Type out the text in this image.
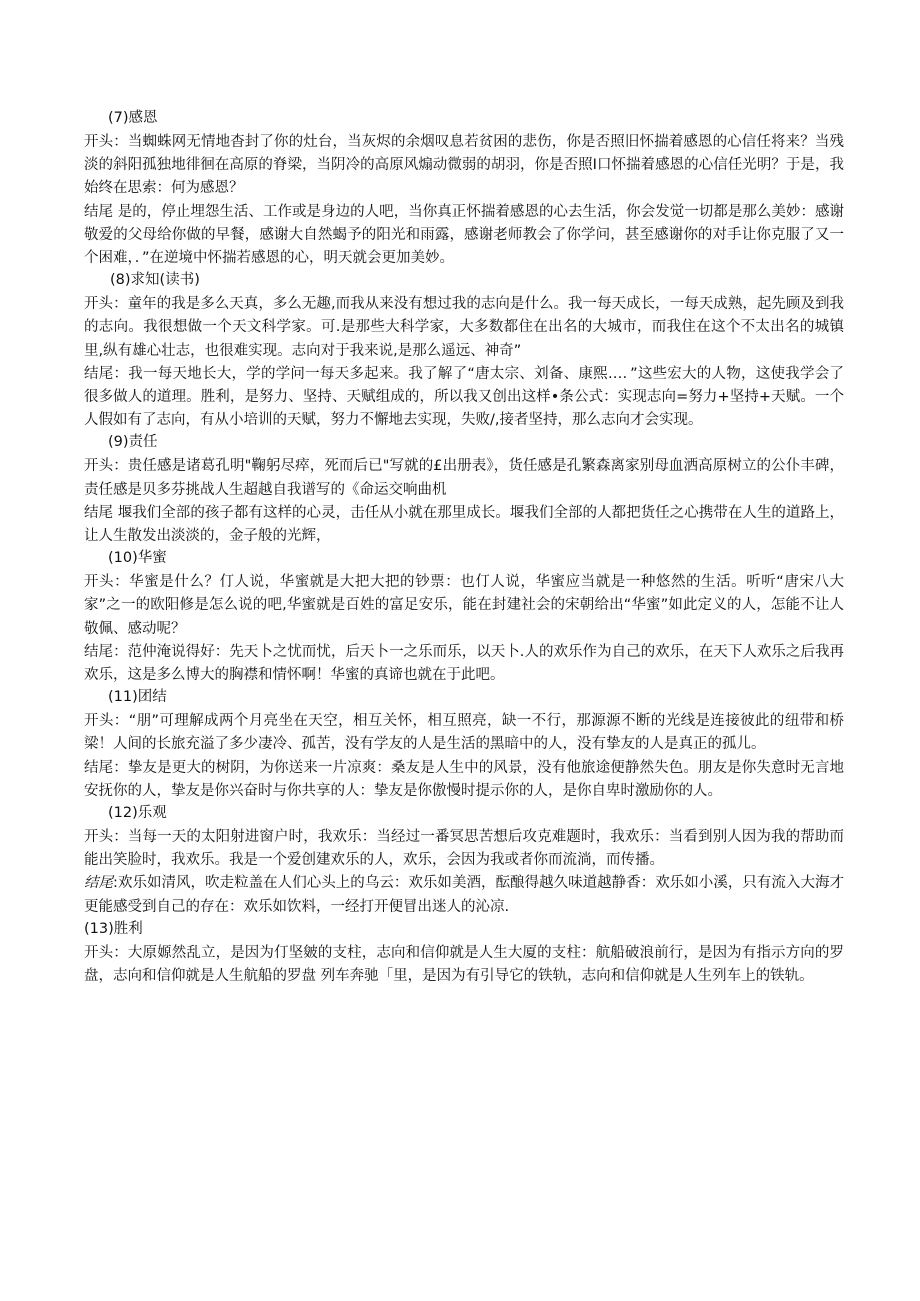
(7)感恩

开头：当蜘蛛网无情地杳封了你的灶台，当灰烬的余烟叹息若贫困的悲伤，你是否照旧怀揣着感恩的心信任将来？当残淡的斜阳孤独地徘徊在高原的脊梁，当阴冷的高原风煽动微弱的胡羽，你是否照I口怀揣着感恩的心信任光明？于是，我始终在思索：何为感恩？

结尾 是的，停止埋怨生活、工作或是身边的人吧，当你真正怀揣着感恩的心去生活，你会发觉一切都是那么美妙：感谢敬爱的父母给你做的早餐，感谢大自然蝎予的阳光和雨露，感谢老师教会了你学问，甚至感谢你的对手让你克服了又一个困难，．”在逆境中怀揣若感恩的心，明天就会更加美妙。

(8)求知(读书)

开头：童年的我是多么天真，多么无趣,而我从来没有想过我的志向是什么。我一每天成长，一每天成熟，起先顾及到我的志向。我很想做一个天文科学家。可.是那些大科学家，大多数都住在出名的大城市，而我住在这个不太出名的城镇里,纵有雄心壮志，也很难实现。志向对于我来说,是那么遥远、神奇”

结尾：我一每天地长大，学的学问一每天多起来。我了解了“唐太宗、刘备、康熙…．”这些宏大的人物，这使我学会了很多做人的道理。胜利，是努力、坚持、天赋组成的，所以我又创出这样•条公式：实现志向=努力+坚持+天赋。一个人假如有了志向，有从小培训的天赋，努力不懈地去实现，失败/,接者坚持，那么志向才会实现。

(9)责任

开头：贵任感是诸葛孔明"鞠躬尽瘁，死而后已"写就的£出册表》，货任感是孔繁森离家别母血洒高原树立的公仆丰碑，责任感是贝多芬挑战人生超越自我谱写的《命运交响曲机

结尾 堰我们全部的孩子都有这样的心灵，击任从小就在那里成长。堰我们全部的人都把货任之心携带在人生的道路上，让人生散发出淡淡的，金子般的光辉，

(10)华蜜

开头：华蜜是什么？仃人说，华蜜就是大把大把的钞票：也仃人说，华蜜应当就是一种悠然的生活。听听“唐宋八大家”之一的欧阳修是怎么说的吧,华蜜就是百姓的富足安乐，能在封建社会的宋朝给出“华蜜”如此定义的人，怎能不让人敬佩、感动呢？

结尾：范仲淹说得好：先天卜之忧而忧，后天卜一之乐而乐，以天卜.人的欢乐作为自己的欢乐，在天下人欢乐之后我再欢乐，这是多么博大的胸襟和情怀啊！华蜜的真谛也就在于此吧。

(11)团结

开头：“朋”可理解成两个月亮坐在天空，相互关怀，相互照亮，缺一不行，那源源不断的光线是连接彼此的纽带和桥梁！人间的长旅充溢了多少凄冷、孤苦，没有学友的人是生活的黑暗中的人，没有挚友的人是真正的孤儿。

结尾：挚友是更大的树阴，为你送来一片凉爽：桑友是人生中的风景，没有他旅途便静然失色。朋友是你失意时无言地安抚你的人，挚友是你兴奋时与你共享的人：挚友是你傲慢时提示你的人，是你自卑时激励你的人。

(12)乐观

开头：当每一天的太阳射进窗户时，我欢乐：当经过一番冥思苦想后攻克难题时，我欢乐：当看到别人因为我的帮助而能出笑脸时，我欢乐。我是一个爱创建欢乐的人，欢乐，会因为我或者你而流淌，而传播。

结尾:欢乐如清风，吹走粒盖在人们心头上的乌云：欢乐如美酒，酝酿得越久味道越静香：欢乐如小溪，只有流入大海才更能感受到自己的存在：欢乐如饮料，一经打开便冒出迷人的沁凉.

(13)胜利

开头：大原嫄然乱立，是因为仃坚皴的支柱，志向和信仰就是人生大厦的支柱：航船破浪前行，是因为有指示方向的罗盘，志向和信仰就是人生航船的罗盘 列车奔驰「里，是因为有引导它的铁轨，志向和信仰就是人生列车上的铁轨。
